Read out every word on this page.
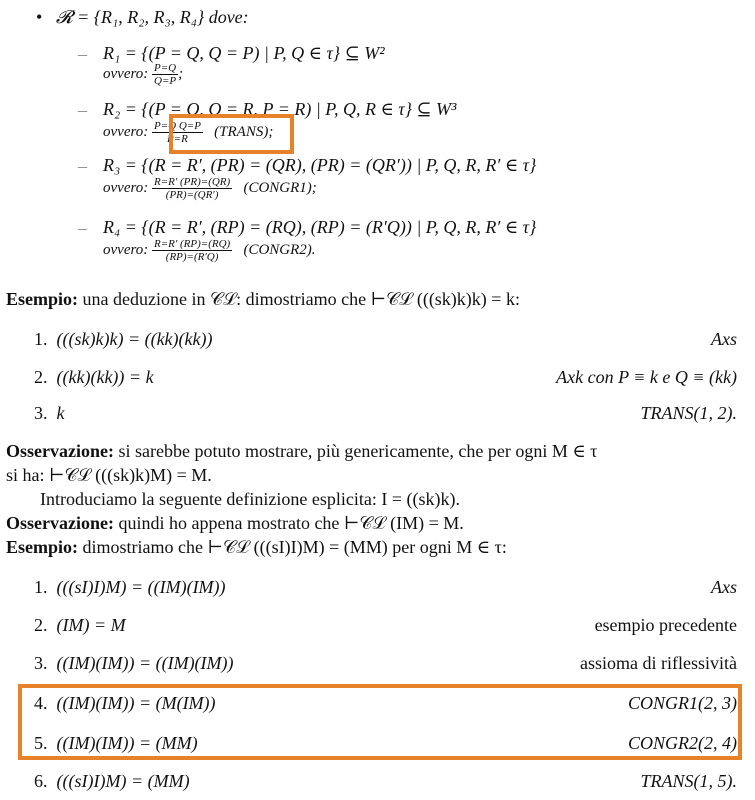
• 𝓡 = {R₁, R₂, R₃, R₄} dove:
– R₁ = {(P = Q, Q = P) | P, Q ∈ τ} ⊆ W²
ovvero: $\frac{P=Q}{Q=P}$ ;
– R₂ = {(P = Q, Q = R, P = R) | P, Q, R ∈ τ} ⊆ W³
ovvero: $\frac{\text{P=Q Q=P}}{P=R}$ (TRANS);
– R₃ = {(R = R′, (PR) = (QR), (PR) = (QR′)) | P, Q, R, R′ ∈ τ}
ovvero: $\frac{R=R' (PR)=(QR)}{(PR)=(QR')}$ (CONGR1);
– R₄ = {(R = R′, (RP) = (RQ), (RP) = (R′Q)) | P, Q, R, R′ ∈ τ}
ovvero: $\frac{R=R' (RP)=(RQ)}{(RP)=(R'Q)}$ (CONGR2).
Esempio: una deduzione in 𝒞ℒ: dimostriamo che ⊢𝒞ℒ (((sk)k)k) = k:
1. (((sk)k)k) = ((kk)(kk))	Axs
2. ((kk)(kk)) = k	Axk con P ≡ k e Q ≡ (kk)
3. k	TRANS(1, 2).
Osservazione: si sarebbe potuto mostrare, più genericamente, che per ogni M ∈ τ
si ha: ⊢𝒞ℒ (((sk)k)M) = M.
Introduciamo la seguente definizione esplicita: I = ((sk)k).
Osservazione: quindi ho appena mostrato che ⊢𝒞ℒ (IM) = M.
Esempio: dimostriamo che ⊢𝒞ℒ (((sI)I)M) = (MM) per ogni M ∈ τ:
1. (((sI)I)M) = ((IM)(IM))	Axs
2. (IM) = M	esempio precedente
3. ((IM)(IM)) = ((IM)(IM))	assioma di riflessività
4. ((IM)(IM)) = (M(IM))	CONGR1(2, 3)
5. ((IM)(IM)) = (MM)	CONGR2(2, 4)
6. (((sI)I)M) = (MM)	TRANS(1, 5).
